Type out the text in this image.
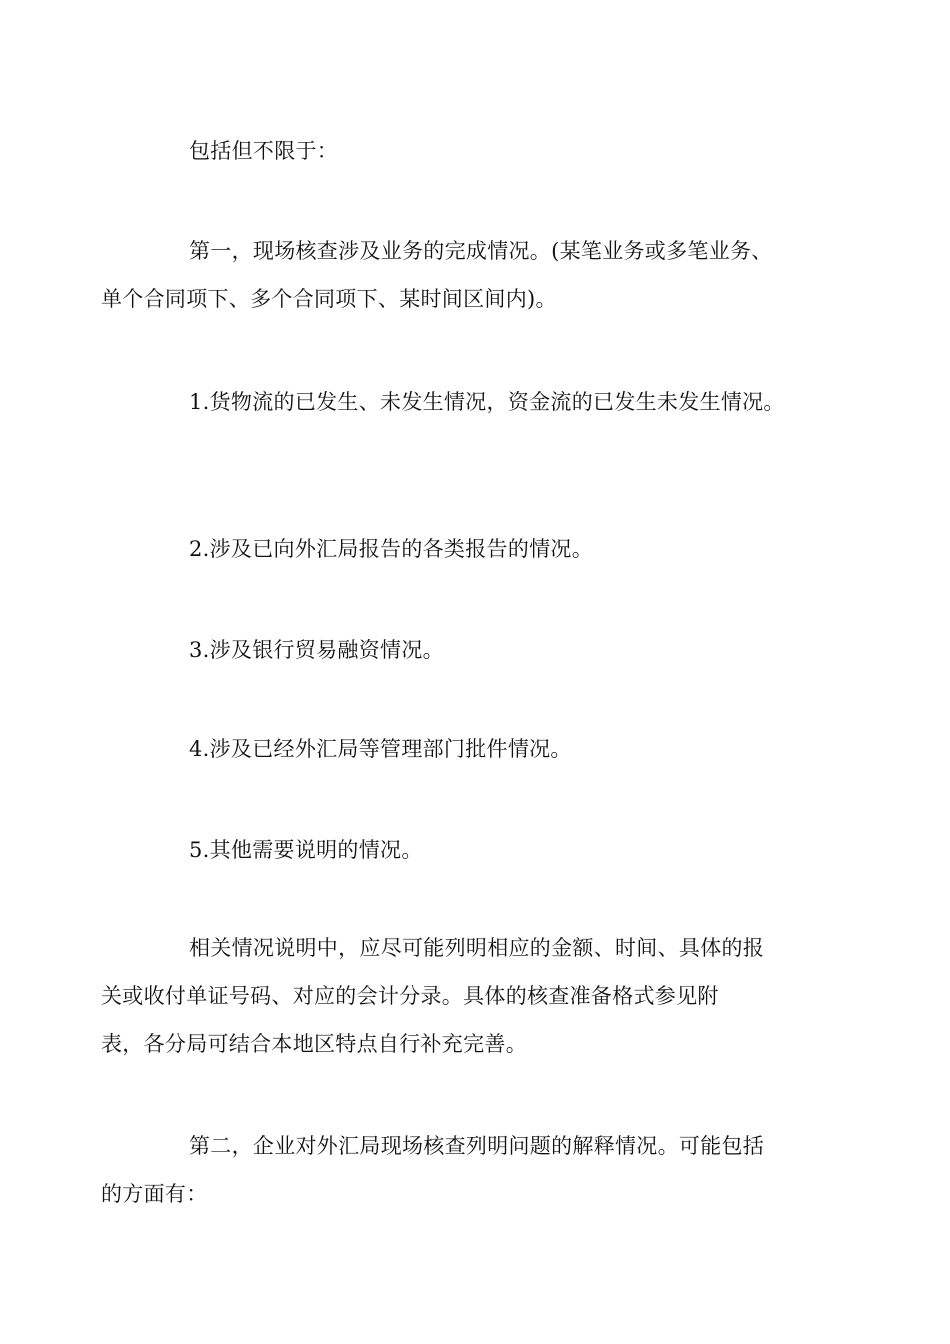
包括但不限于：

第一，现场核查涉及业务的完成情况。(某笔业务或多笔业务、
单个合同项下、多个合同项下、某时间区间内)。

1.货物流的已发生、未发生情况，资金流的已发生未发生情况。

2.涉及已向外汇局报告的各类报告的情况。

3.涉及银行贸易融资情况。

4.涉及已经外汇局等管理部门批件情况。

5.其他需要说明的情况。

相关情况说明中，应尽可能列明相应的金额、时间、具体的报
关或收付单证号码、对应的会计分录。具体的核查准备格式参见附
表，各分局可结合本地区特点自行补充完善。

第二，企业对外汇局现场核查列明问题的解释情况。可能包括
的方面有：
